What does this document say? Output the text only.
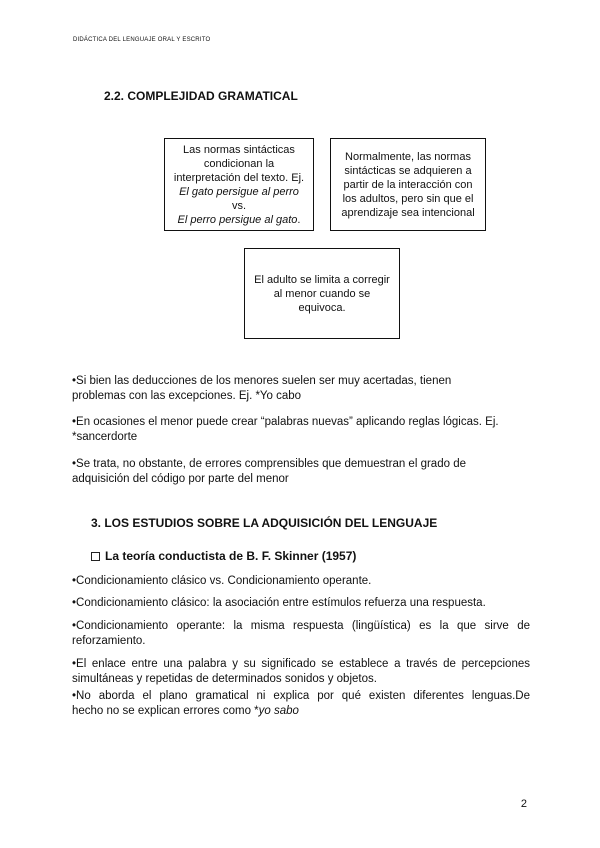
DIDÁCTICA DEL LENGUAJE ORAL Y ESCRITO
2.2. COMPLEJIDAD GRAMATICAL
Las normas sintácticas
condicionan la
interpretación del texto. Ej.
El gato persigue al perro vs.
El perro persigue al gato.
Normalmente, las normas
sintácticas se adquieren a
partir de la interacción con
los adultos, pero sin que el
aprendizaje sea intencional
El adulto se limita a corregir
al menor cuando se
equivoca.
•Si bien las deducciones de los menores suelen ser muy acertadas, tienen
problemas con las excepciones. Ej. *Yo cabo
•En ocasiones el menor puede crear “palabras nuevas” aplicando reglas lógicas. Ej.
*sancerdorte
•Se trata, no obstante, de errores comprensibles que demuestran el grado de
adquisición del código por parte del menor
3. LOS ESTUDIOS SOBRE LA ADQUISICIÓN DEL LENGUAJE
La teoría conductista de B. F. Skinner (1957)
•Condicionamiento clásico vs. Condicionamiento operante.
•Condicionamiento clásico: la asociación entre estímulos refuerza una respuesta.
•Condicionamiento operante: la misma respuesta (lingüística) es la que sirve de
reforzamiento.
•El enlace entre una palabra y su significado se establece a través de percepciones
simultáneas y repetidas de determinados sonidos y objetos.
•No aborda el plano gramatical ni explica por qué existen diferentes lenguas.De
hecho no se explican errores como *yo sabo
2
